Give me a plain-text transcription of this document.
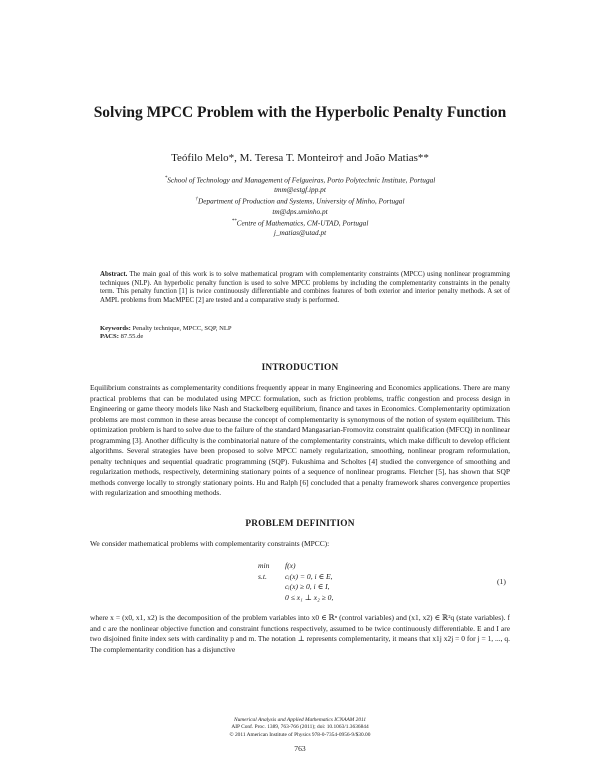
Solving MPCC Problem with the Hyperbolic Penalty Function
Teófilo Melo*, M. Teresa T. Monteiro† and João Matias**
*School of Technology and Management of Felgueiras, Porto Polytechnic Institute, Portugal
tmm@estgf.ipp.pt
†Department of Production and Systems, University of Minho, Portugal
tm@dps.uminho.pt
**Centre of Mathematics, CM-UTAD, Portugal
j_matias@utad.pt
Abstract. The main goal of this work is to solve mathematical program with complementarity constraints (MPCC) using nonlinear programming techniques (NLP). An hyperbolic penalty function is used to solve MPCC problems by including the complementarity constraints in the penalty term. This penalty function [1] is twice continuously differentiable and combines features of both exterior and interior penalty methods. A set of AMPL problems from MacMPEC [2] are tested and a comparative study is performed.
Keywords: Penalty technique, MPCC, SQP, NLP
PACS: 87.55.de
INTRODUCTION
Equilibrium constraints as complementarity conditions frequently appear in many Engineering and Economics applications. There are many practical problems that can be modulated using MPCC formulation, such as friction problems, traffic congestion and process design in Engineering or game theory models like Nash and Stackelberg equilibrium, finance and taxes in Economics. Complementarity optimization problems are most common in these areas because the concept of complementarity is synonymous of the notion of system equilibrium. This optimization problem is hard to solve due to the failure of the standard Mangasarian-Fromovitz constraint qualification (MFCQ) in nonlinear programming [3]. Another difficulty is the combinatorial nature of the complementarity constraints, which make difficult to develop efficient algorithms. Several strategies have been proposed to solve MPCC namely regularization, smoothing, nonlinear program reformulation, penalty techniques and sequential quadratic programming (SQP). Fukushima and Scholtes [4] studied the convergence of smoothing and regularization methods, respectively, determining stationary points of a sequence of nonlinear programs. Fletcher [5], has shown that SQP methods converge locally to strongly stationary points. Hu and Ralph [6] concluded that a penalty framework shares convergence properties with regularization and smoothing methods.
PROBLEM DEFINITION
We consider mathematical problems with complementarity constraints (MPCC):
min	f(x)
s.t.	cᵢ(x) = 0, i ∈ E,
cᵢ(x) ≥ 0, i ∈ I,
0 ≤ x₁ ⊥ x₂ ≥ 0,
(1)
where x = (x0, x1, x2) is the decomposition of the problem variables into x0 ∈ ℝⁿ (control variables) and (x1, x2) ∈ ℝ²q (state variables). f and c are the nonlinear objective function and constraint functions respectively, assumed to be twice continuously differentiable. E and I are two disjoined finite index sets with cardinality p and m. The notation ⊥ represents complementarity, it means that x1j x2j = 0 for j = 1, ..., q. The complementarity condition has a disjunctive
Numerical Analysis and Applied Mathematics ICNAAM 2011
AIP Conf. Proc. 1389, 763-766 (2011); doi: 10.1063/1.3636844
© 2011 American Institute of Physics 978-0-7354-0956-9/$30.00
763
